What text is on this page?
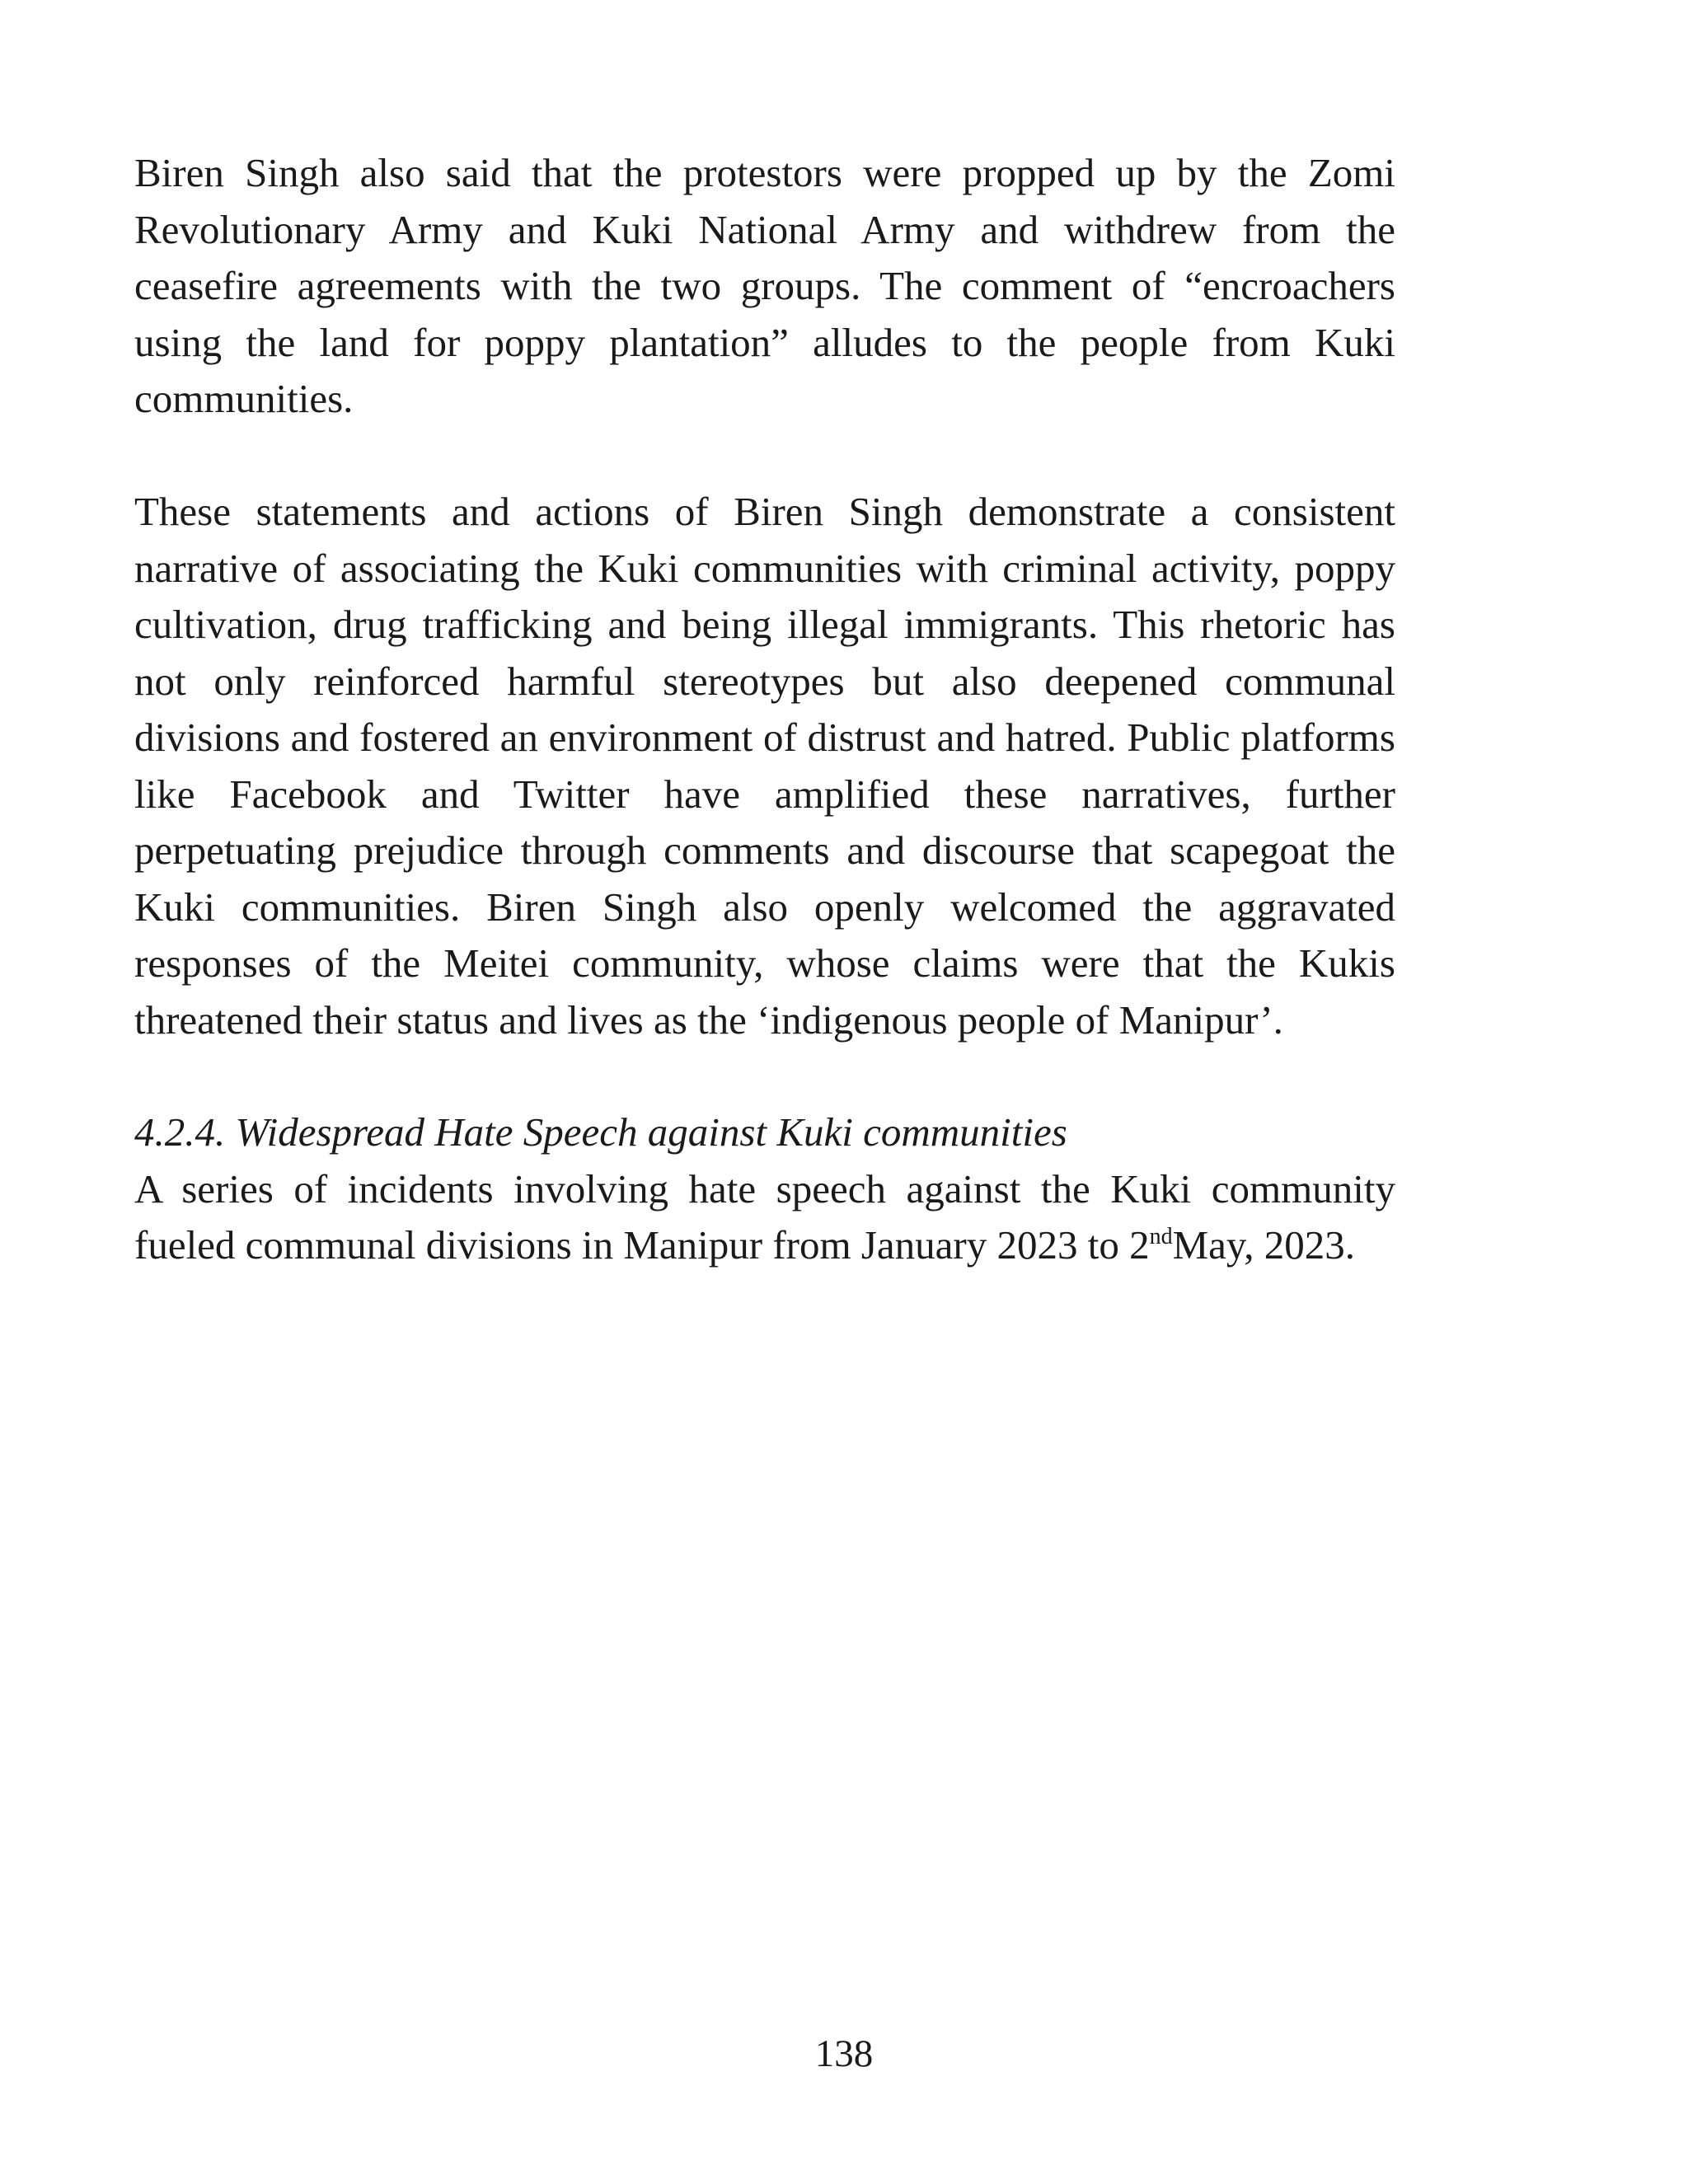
Biren Singh also said that the protestors were propped up by the Zomi Revolutionary Army and Kuki National Army and withdrew from the ceasefire agreements with the two groups. The comment of “encroachers using the land for poppy plantation” alludes to the people from Kuki communities.

These statements and actions of Biren Singh demonstrate a consistent narrative of associating the Kuki communities with criminal activity, poppy cultivation, drug trafficking and being illegal immigrants. This rhetoric has not only reinforced harmful stereotypes but also deepened communal divisions and fostered an environment of distrust and hatred. Public platforms like Facebook and Twitter have amplified these narratives, further perpetuating prejudice through comments and discourse that scapegoat the Kuki communities. Biren Singh also openly welcomed the aggravated responses of the Meitei community, whose claims were that the Kukis threatened their status and lives as the ‘indigenous people of Manipur’.

4.2.4. Widespread Hate Speech against Kuki communities

A series of incidents involving hate speech against the Kuki community fueled communal divisions in Manipur from January 2023 to 2ndMay, 2023.

138
